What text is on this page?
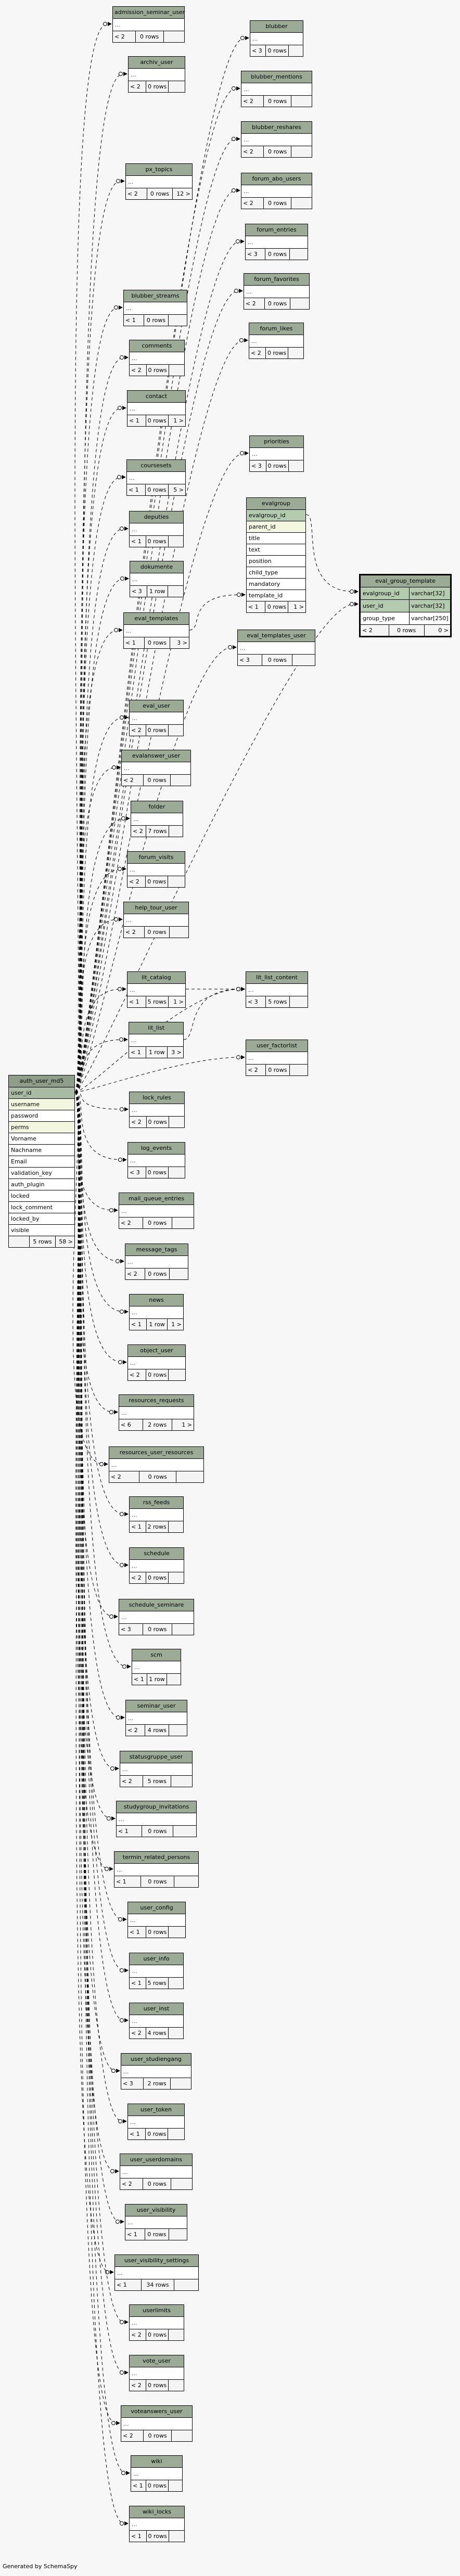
admission_seminar_user
...
< 2	0 rows
blubber
...
< 3 0 rows
archiv_user
...
< 2	0 rows
blubber_mentions
...
< 2	0 rows
blubber_reshares
...
< 2	0 rows
px_topics
...
< 2	0 rows	12 >
forum_abo_users
...
< 2	0 rows
forum_entries
...
< 3	0 rows
forum_favorites
...
< 2	0 rows
blubber_streams
...
< 1	0 rows
forum_likes
...
< 2	0 rows
comments
...
< 2	0 rows
contact
...
< 1	0 rows	1 >
priorities
...
< 3	0 rows
coursesets
...
< 1	0 rows	5 >
evalgroup
evalgroup_id
parent_id
title
text
position
child_type
mandatory
template_id
< 1	0 rows	1 >
deputies
...
< 1	0 rows
dokumente
...
< 3	1 row
eval_group_template
evalgroup_id	varchar[32]
user_id	varchar[32]
group_type	varchar[250]
< 2	0 rows	0 >
eval_templates
...
< 1	0 rows	3 >
eval_templates_user
...
< 3	0 rows
eval_user
...
< 2	0 rows
evalanswer_user
...
< 2	0 rows
folder
...
< 2 7 rows
forum_visits
...
< 2	0 rows
help_tour_user
...
< 2	0 rows
lit_catalog
...
< 1	5 rows	1 >
lit_list_content
...
< 3	5 rows
lit_list
...
< 1	1 row	3 >
user_factorlist
...
< 2	0 rows
auth_user_md5
user_id
username
password
perms
Vorname
Nachname
Email
validation_key
auth_plugin
locked
lock_comment
locked_by
visible
5 rows	58 >
lock_rules
...
< 2	0 rows
log_events
...
< 3	0 rows
mail_queue_entries
...
< 2	0 rows
message_tags
...
< 2	0 rows
news
...
< 1	1 row	1 >
object_user
...
< 2	0 rows
resources_requests
...
< 6	2 rows	1 >
resources_user_resources
...
< 2	0 rows
rss_feeds
...
< 1	2 rows
schedule
...
< 2	0 rows
schedule_seminare
...
< 3	0 rows
scm
...
< 1 1 row
seminar_user
...
< 2	4 rows
statusgruppe_user
...
< 2	5 rows
studygroup_invitations
...
< 1	0 rows
termin_related_persons
...
< 1	0 rows
user_config
...
< 1	0 rows
user_info
...
< 1	5 rows
user_inst
...
< 2	4 rows
user_studiengang
...
< 3	2 rows
user_token
...
< 1	0 rows
user_userdomains
...
< 2	0 rows
user_visibility
...
< 1	0 rows
user_visibility_settings
...
< 1	34 rows
userlimits
...
< 2	0 rows
vote_user
...
< 2	0 rows
voteanswers_user
...
< 2	0 rows
wiki
...
< 1 0 rows
wiki_locks
...
< 1	0 rows
Generated by SchemaSpy
